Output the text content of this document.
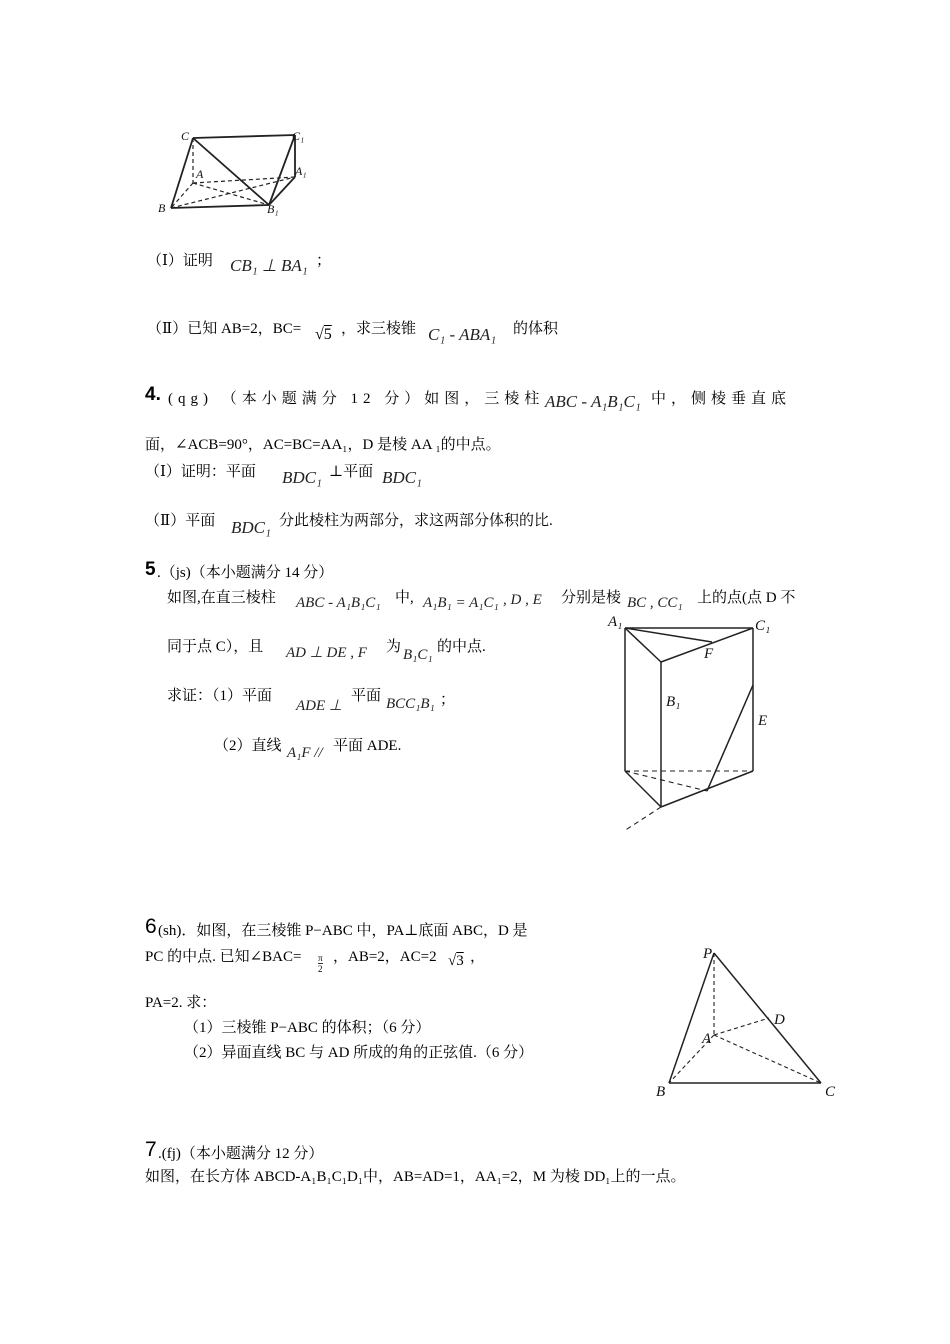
C	C₁
A	A₁
B	B₁
（Ⅰ）证明 CB₁ ⊥ BA₁ ；
（Ⅱ）已知 AB=2，BC= √5 ，求三棱锥 C₁ - ABA₁ 的体积
4. (qg) （本小题满分 12 分）如图，三棱柱 ABC - A₁B₁C₁ 中，侧棱垂直底
面，∠ACB=90°，AC=BC=AA₁，D 是棱 AA ₁的中点。
（Ⅰ）证明：平面 BDC₁ ⊥平面 BDC₁
（Ⅱ）平面 BDC₁ 分此棱柱为两部分，求这两部分体积的比.
5 .（js)（本小题满分 14 分）
如图,在直三棱柱 ABC - A₁B₁C₁ 中, A₁B₁ = A₁C₁ , D , E 分别是棱 BC , CC₁ 上的点(点 D 不
同于点 C），且 AD ⊥ DE , F 为 B₁C₁ 的中点.
求证：（1）平面
ADE ⊥
平面 BCC₁B₁ ；
（2）直线 A₁F // 平面 ADE.
A₁	C₁
F
B₁
E
6 (sh)．如图，在三棱锥 P−ABC 中，PA⊥底面 ABC，D 是
PC 的中点. 已知∠BAC= $\frac{\pi}{2}$ ，AB=2，AC=2 √3 ，
PA=2. 求：
（1）三棱锥 P−ABC 的体积；（6 分）
（2）异面直线 BC 与 AD 所成的角的正弦值.（6 分）
P
D
A
B	C
7 .(fj)（本小题满分 12 分）
如图，在长方体 ABCD-A₁B₁C₁D₁中，AB=AD=1，AA₁=2，M 为棱 DD₁上的一点。
